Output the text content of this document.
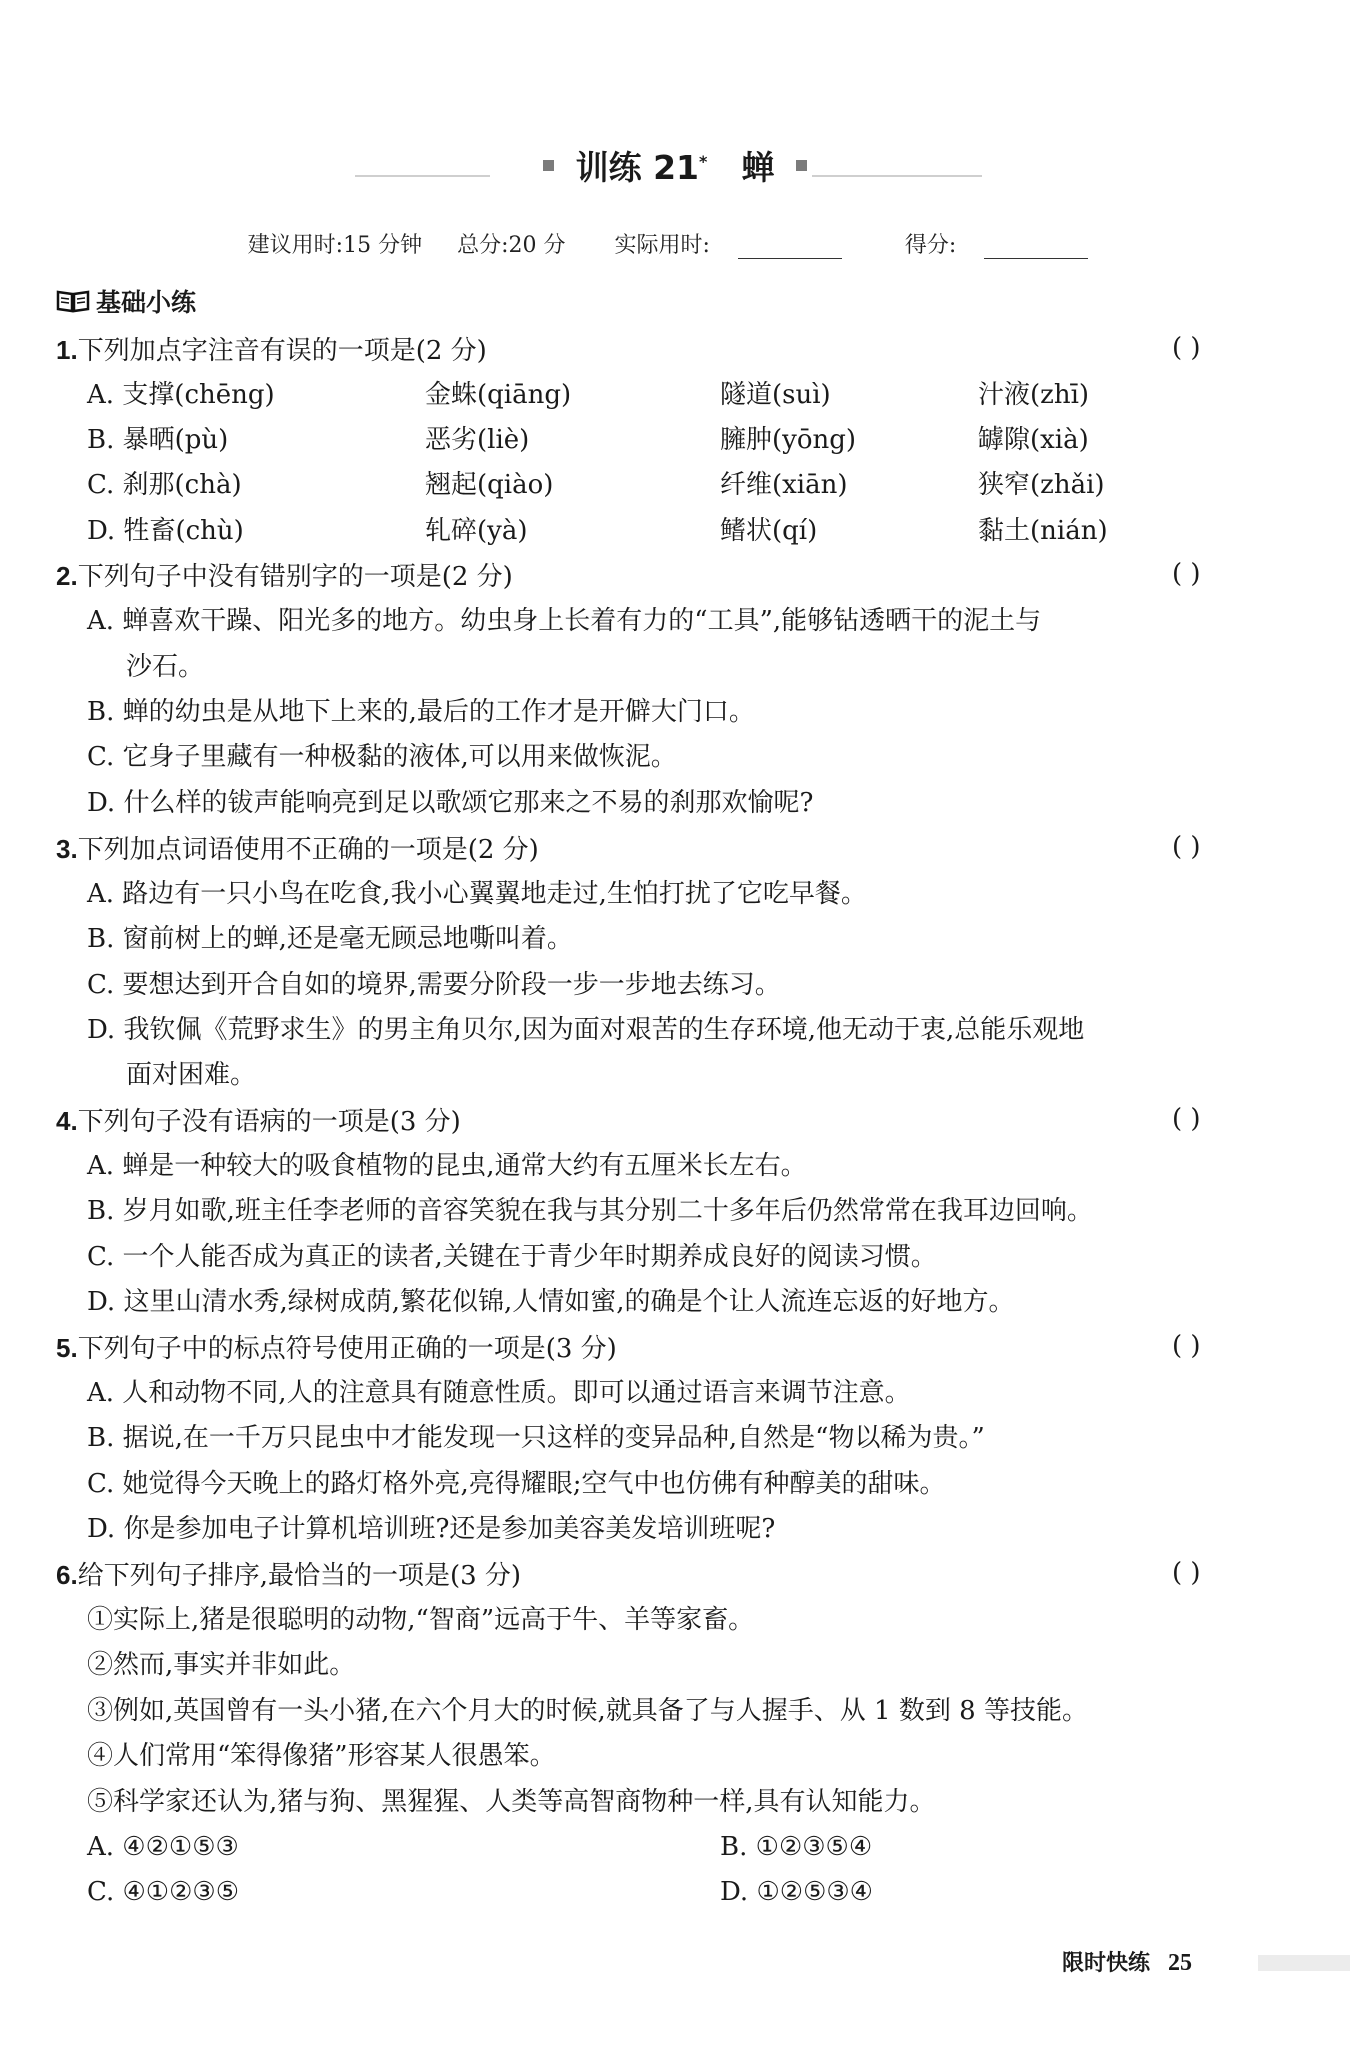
训练 21* 蝉
建议用时:15 分钟 总分:20 分 实际用时:	得分:
基础小练
1.下列加点字注音有误的一项是(2 分)	( )
A. 支撑(chēng)	金蛛(qiāng)	隧道(suì)	汁液(zhī)
B. 暴晒(pù)	恶劣(liè)	臃肿(yōng)	罅隙(xià)
C. 刹那(chà)	翘起(qiào)	纤维(xiān)	狭窄(zhǎi)
D. 牲畜(chù)	轧碎(yà)	鳍状(qí)	黏土(nián)
2.下列句子中没有错别字的一项是(2 分)	( )
A. 蝉喜欢干躁、阳光多的地方。幼虫身上长着有力的“工具”,能够钻透晒干的泥土与
沙石。
B. 蝉的幼虫是从地下上来的,最后的工作才是开僻大门口。
C. 它身子里藏有一种极黏的液体,可以用来做恢泥。
D. 什么样的钹声能响亮到足以歌颂它那来之不易的刹那欢愉呢?
3.下列加点词语使用不正确的一项是(2 分)	( )
A. 路边有一只小鸟在吃食,我小心翼翼地走过,生怕打扰了它吃早餐。
B. 窗前树上的蝉,还是毫无顾忌地嘶叫着。
C. 要想达到开合自如的境界,需要分阶段一步一步地去练习。
D. 我钦佩《荒野求生》的男主角贝尔,因为面对艰苦的生存环境,他无动于衷,总能乐观地
面对困难。
4.下列句子没有语病的一项是(3 分)	( )
A. 蝉是一种较大的吸食植物的昆虫,通常大约有五厘米长左右。
B. 岁月如歌,班主任李老师的音容笑貌在我与其分别二十多年后仍然常常在我耳边回响。
C. 一个人能否成为真正的读者,关键在于青少年时期养成良好的阅读习惯。
D. 这里山清水秀,绿树成荫,繁花似锦,人情如蜜,的确是个让人流连忘返的好地方。
5.下列句子中的标点符号使用正确的一项是(3 分)	( )
A. 人和动物不同,人的注意具有随意性质。即可以通过语言来调节注意。
B. 据说,在一千万只昆虫中才能发现一只这样的变异品种,自然是“物以稀为贵。”
C. 她觉得今天晚上的路灯格外亮,亮得耀眼;空气中也仿佛有种醇美的甜味。
D. 你是参加电子计算机培训班?还是参加美容美发培训班呢?
6.给下列句子排序,最恰当的一项是(3 分)	( )
①实际上,猪是很聪明的动物,“智商”远高于牛、羊等家畜。
②然而,事实并非如此。
③例如,英国曾有一头小猪,在六个月大的时候,就具备了与人握手、从 1 数到 8 等技能。
④人们常用“笨得像猪”形容某人很愚笨。
⑤科学家还认为,猪与狗、黑猩猩、人类等高智商物种一样,具有认知能力。
A. ④②①⑤③	B. ①②③⑤④
C. ④①②③⑤	D. ①②⑤③④
限时快练 25
